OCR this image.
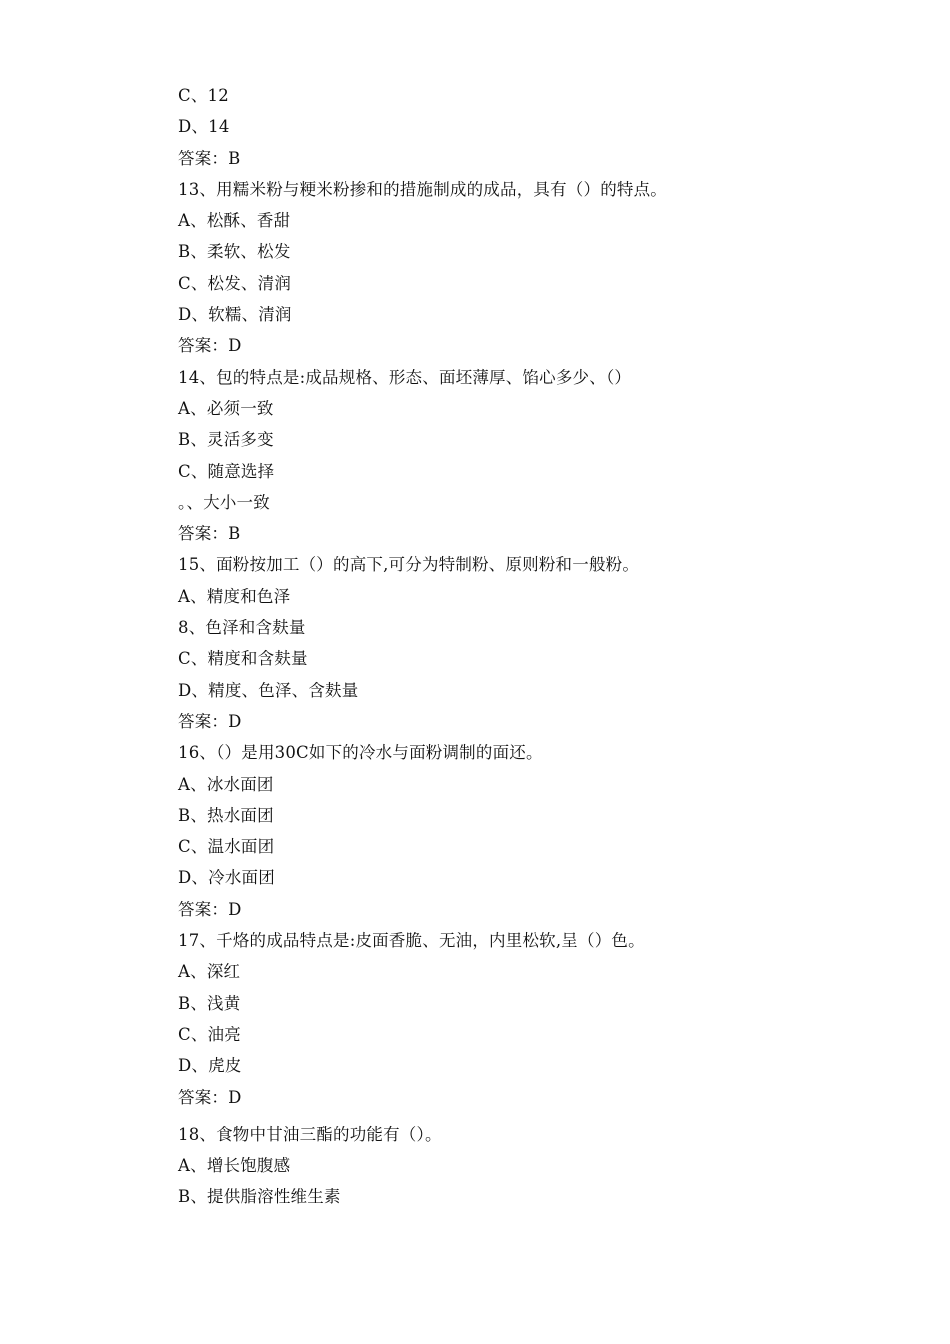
C、12
D、14
答案：B
13、用糯米粉与粳米粉掺和的措施制成的成品，具有（）的特点。
A、松酥、香甜
B、柔软、松发
C、松发、清润
D、软糯、清润
答案：D
14、包的特点是:成品规格、形态、面坯薄厚、馅心多少、（）
A、必须一致
B、灵活多变
C、随意选择
。、大小一致
答案：B
15、面粉按加工（）的高下,可分为特制粉、原则粉和一般粉。
A、精度和色泽
8、色泽和含麸量
C、精度和含麸量
D、精度、色泽、含麸量
答案：D
16、（）是用30C如下的冷水与面粉调制的面还。
A、冰水面团
B、热水面团
C、温水面团
D、冷水面团
答案：D
17、千烙的成品特点是:皮面香脆、无油，内里松软,呈（）色。
A、深红
B、浅黄
C、油亮
D、虎皮
答案：D
18、食物中甘油三酯的功能有（）。
A、增长饱腹感
B、提供脂溶性维生素
